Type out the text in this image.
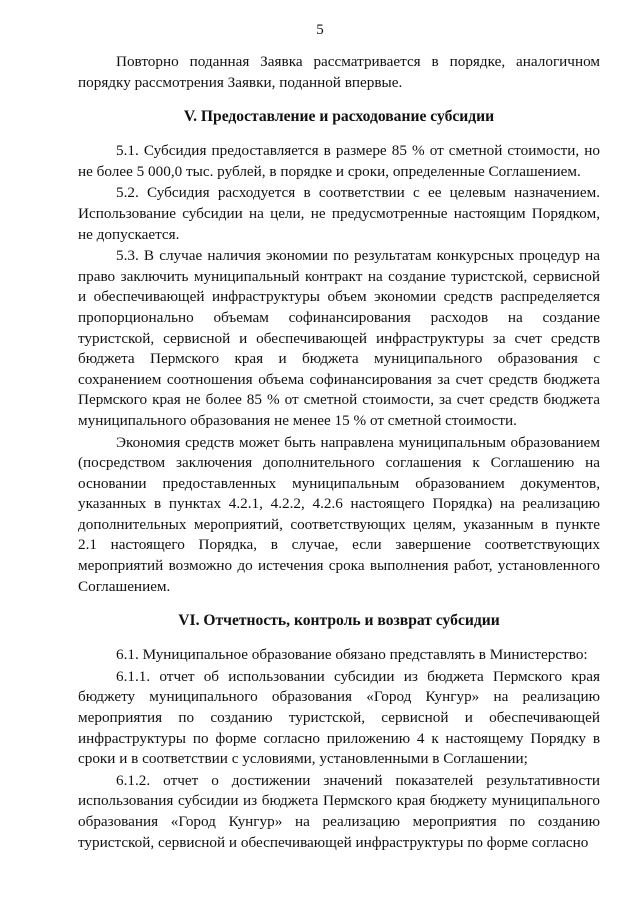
5

Повторно поданная Заявка рассматривается в порядке, аналогичном порядку рассмотрения Заявки, поданной впервые.

V. Предоставление и расходование субсидии

5.1. Субсидия предоставляется в размере 85 % от сметной стоимости, но не более 5 000,0 тыс. рублей, в порядке и сроки, определенные Соглашением.

5.2. Субсидия расходуется в соответствии с ее целевым назначением. Использование субсидии на цели, не предусмотренные настоящим Порядком, не допускается.

5.3. В случае наличия экономии по результатам конкурсных процедур на право заключить муниципальный контракт на создание туристской, сервисной и обеспечивающей инфраструктуры объем экономии средств распределяется пропорционально объемам софинансирования расходов на создание туристской, сервисной и обеспечивающей инфраструктуры за счет средств бюджета Пермского края и бюджета муниципального образования с сохранением соотношения объема софинансирования за счет средств бюджета Пермского края не более 85 % от сметной стоимости, за счет средств бюджета муниципального образования не менее 15 % от сметной стоимости.

Экономия средств может быть направлена муниципальным образованием (посредством заключения дополнительного соглашения к Соглашению на основании предоставленных муниципальным образованием документов, указанных в пунктах 4.2.1, 4.2.2, 4.2.6 настоящего Порядка) на реализацию дополнительных мероприятий, соответствующих целям, указанным в пункте 2.1 настоящего Порядка, в случае, если завершение соответствующих мероприятий возможно до истечения срока выполнения работ, установленного Соглашением.

VI. Отчетность, контроль и возврат субсидии

6.1. Муниципальное образование обязано представлять в Министерство:

6.1.1. отчет об использовании субсидии из бюджета Пермского края бюджету муниципального образования «Город Кунгур» на реализацию мероприятия по созданию туристской, сервисной и обеспечивающей инфраструктуры по форме согласно приложению 4 к настоящему Порядку в сроки и в соответствии с условиями, установленными в Соглашении;

6.1.2. отчет о достижении значений показателей результативности использования субсидии из бюджета Пермского края бюджету муниципального образования «Город Кунгур» на реализацию мероприятия по созданию туристской, сервисной и обеспечивающей инфраструктуры по форме согласно
